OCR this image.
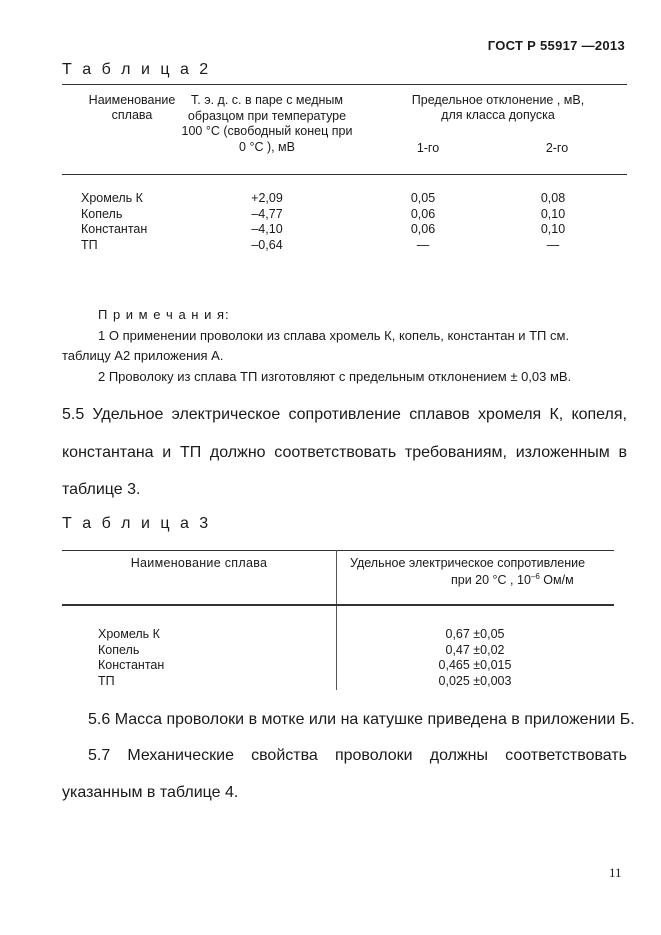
ГОСТ Р 55917 —2013
Т а б л и ц а 2
Наименование
сплава
Т. э. д. с. в паре с медным
образцом при температуре
100 °С (свободный конец при
0 °С ), мВ
Предельное отклонение , мВ,
для класса допуска
1-го	2-го
Хромель К
Копель
Константан
ТП
+2,09
–4,77
–4,10
–0,64
0,05
0,06
0,06
—
0,08
0,10
0,10
—
П р и м е ч а н и я:
1 О применении проволоки из сплава хромель К, копель, константан и ТП см.
таблицу А2 приложения А.
2 Проволоку из сплава ТП изготовляют с предельным отклонением ± 0,03 мВ.
5.5 Удельное электрическое сопротивление сплавов хромеля К, копеля,
константана и ТП должно соответствовать требованиям, изложенным в
таблице 3.
Т а б л и ц а 3
Наименование сплава	Удельное электрическое сопротивление
при 20 °С , $10^{-6}$ Ом/м
Хромель К
Копель
Константан
ТП
0,67 ±0,05
0,47 ±0,02
0,465 ±0,015
0,025 ±0,003
5.6 Масса проволоки в мотке или на катушке приведена в приложении Б.
5.7 Механические свойства проволоки должны соответствовать
указанным в таблице 4.
11
